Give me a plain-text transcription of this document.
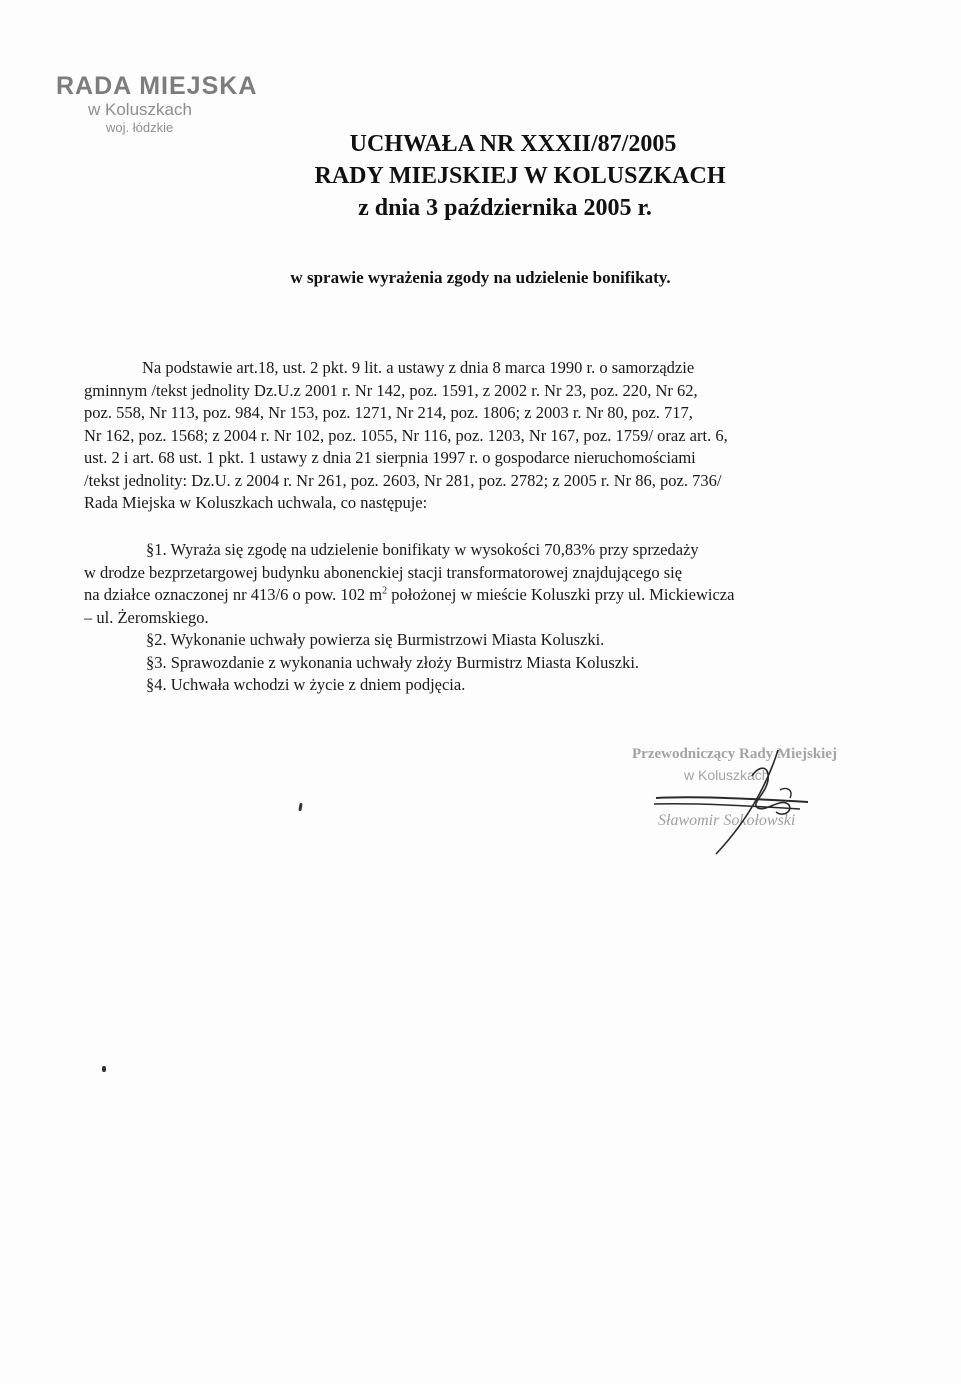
RADA MIEJSKA
w Koluszkach
woj. łódzkie
UCHWAŁA NR XXXII/87/2005
RADY MIEJSKIEJ W KOLUSZKACH
z dnia 3 października 2005 r.
w sprawie wyrażenia zgody na udzielenie bonifikaty.
Na podstawie art.18, ust. 2 pkt. 9 lit. a ustawy z dnia 8 marca 1990 r. o samorządzie
gminnym /tekst jednolity Dz.U.z 2001 r. Nr 142, poz. 1591, z 2002 r. Nr 23, poz. 220, Nr 62,
poz. 558, Nr 113, poz. 984, Nr 153, poz. 1271, Nr 214, poz. 1806; z 2003 r. Nr 80, poz. 717,
Nr 162, poz. 1568; z 2004 r. Nr 102, poz. 1055, Nr 116, poz. 1203, Nr 167, poz. 1759/ oraz art. 6,
ust. 2 i art. 68 ust. 1 pkt. 1 ustawy z dnia 21 sierpnia 1997 r. o gospodarce nieruchomościami
/tekst jednolity: Dz.U. z 2004 r. Nr 261, poz. 2603, Nr 281, poz. 2782; z 2005 r. Nr 86, poz. 736/
Rada Miejska w Koluszkach uchwala, co następuje:
§1. Wyraża się zgodę na udzielenie bonifikaty w wysokości 70,83% przy sprzedaży
w drodze bezprzetargowej budynku abonenckiej stacji transformatorowej znajdującego się
na działce oznaczonej nr 413/6 o pow. 102 $m^2$ położonej w mieście Koluszki przy ul. Mickiewicza
– ul. Żeromskiego.
§2. Wykonanie uchwały powierza się Burmistrzowi Miasta Koluszki.
§3. Sprawozdanie z wykonania uchwały złoży Burmistrz Miasta Koluszki.
§4. Uchwała wchodzi w życie z dniem podjęcia.
Przewodniczący Rady Miejskiej
w Koluszkach
Sławomir Sokołowski
